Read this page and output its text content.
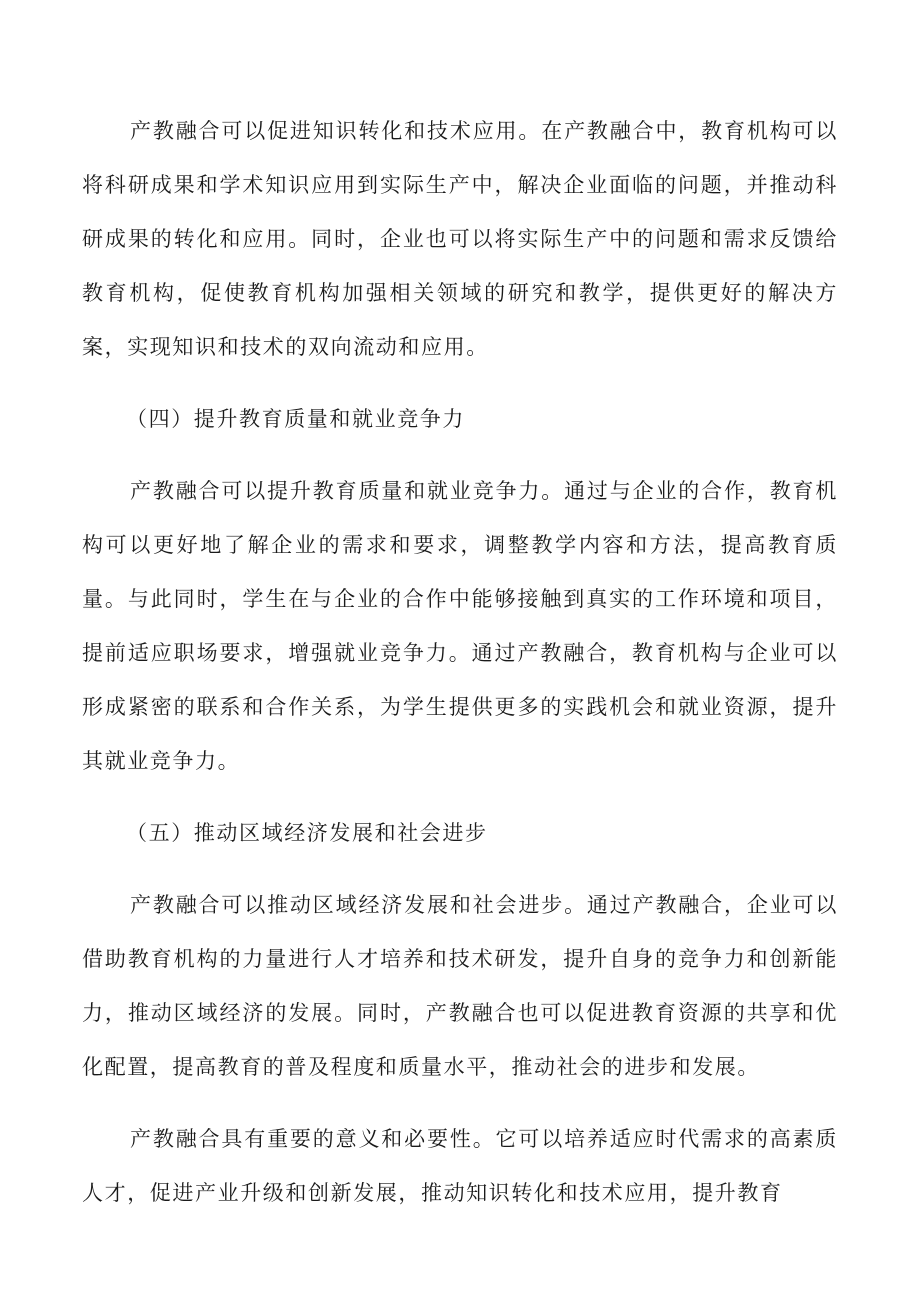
产教融合可以促进知识转化和技术应用。在产教融合中，教育机构可以将科研成果和学术知识应用到实际生产中，解决企业面临的问题，并推动科研成果的转化和应用。同时，企业也可以将实际生产中的问题和需求反馈给教育机构，促使教育机构加强相关领域的研究和教学，提供更好的解决方案，实现知识和技术的双向流动和应用。

（四）提升教育质量和就业竞争力

产教融合可以提升教育质量和就业竞争力。通过与企业的合作，教育机构可以更好地了解企业的需求和要求，调整教学内容和方法，提高教育质量。与此同时，学生在与企业的合作中能够接触到真实的工作环境和项目，提前适应职场要求，增强就业竞争力。通过产教融合，教育机构与企业可以形成紧密的联系和合作关系，为学生提供更多的实践机会和就业资源，提升其就业竞争力。

（五）推动区域经济发展和社会进步

产教融合可以推动区域经济发展和社会进步。通过产教融合，企业可以借助教育机构的力量进行人才培养和技术研发，提升自身的竞争力和创新能力，推动区域经济的发展。同时，产教融合也可以促进教育资源的共享和优化配置，提高教育的普及程度和质量水平，推动社会的进步和发展。

产教融合具有重要的意义和必要性。它可以培养适应时代需求的高素质人才，促进产业升级和创新发展，推动知识转化和技术应用，提升教育
